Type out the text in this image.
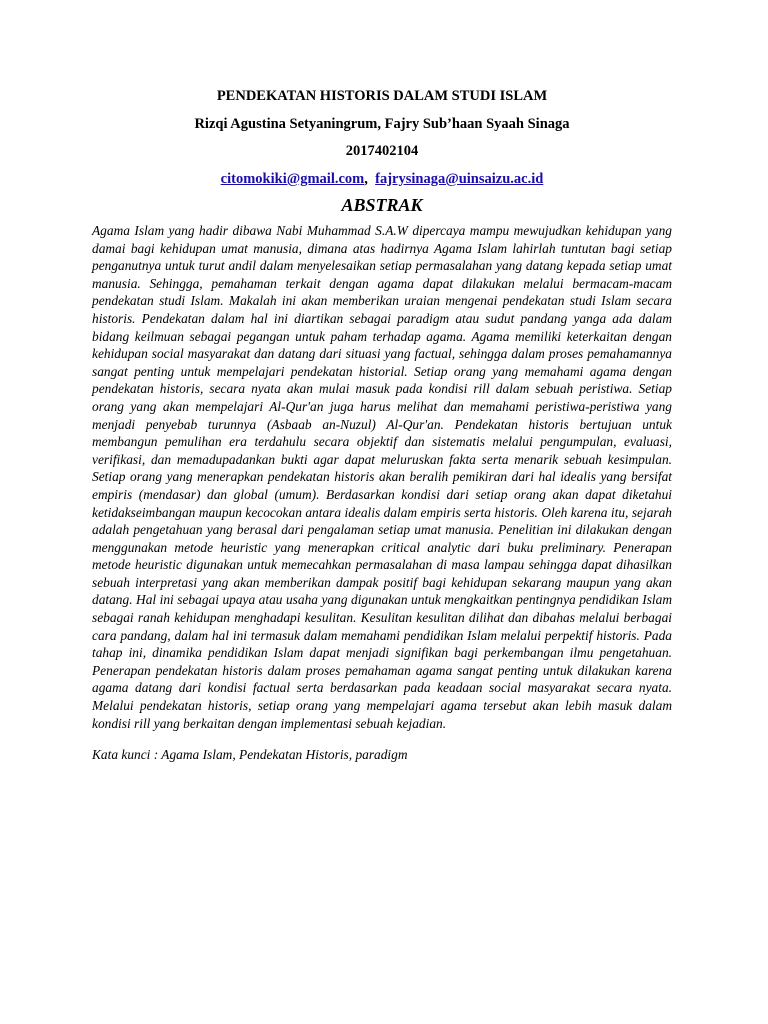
PENDEKATAN HISTORIS DALAM STUDI ISLAM

Rizqi Agustina Setyaningrum, Fajry Sub’haan Syaah Sinaga

2017402104

citomokiki@gmail.com, fajrysinaga@uinsaizu.ac.id

ABSTRAK

Agama Islam yang hadir dibawa Nabi Muhammad S.A.W dipercaya mampu mewujudkan kehidupan yang damai bagi kehidupan umat manusia, dimana atas hadirnya Agama Islam lahirlah tuntutan bagi setiap penganutnya untuk turut andil dalam menyelesaikan setiap permasalahan yang datang kepada setiap umat manusia. Sehingga, pemahaman terkait dengan agama dapat dilakukan melalui bermacam-macam pendekatan studi Islam. Makalah ini akan memberikan uraian mengenai pendekatan studi Islam secara historis. Pendekatan dalam hal ini diartikan sebagai paradigm atau sudut pandang yanga ada dalam bidang keilmuan sebagai pegangan untuk paham terhadap agama. Agama memiliki keterkaitan dengan kehidupan social masyarakat dan datang dari situasi yang factual, sehingga dalam proses pemahamannya sangat penting untuk mempelajari pendekatan historial. Setiap orang yang memahami agama dengan pendekatan historis, secara nyata akan mulai masuk pada kondisi rill dalam sebuah peristiwa. Setiap orang yang akan mempelajari Al-Qur'an juga harus melihat dan memahami peristiwa-peristiwa yang menjadi penyebab turunnya (Asbaab an-Nuzul) Al-Qur'an. Pendekatan historis bertujuan untuk membangun pemulihan era terdahulu secara objektif dan sistematis melalui pengumpulan, evaluasi, verifikasi, dan memadupadankan bukti agar dapat meluruskan fakta serta menarik sebuah kesimpulan. Setiap orang yang menerapkan pendekatan historis akan beralih pemikiran dari hal idealis yang bersifat empiris (mendasar) dan global (umum). Berdasarkan kondisi dari setiap orang akan dapat diketahui ketidakseimbangan maupun kecocokan antara idealis dalam empiris serta historis. Oleh karena itu, sejarah adalah pengetahuan yang berasal dari pengalaman setiap umat manusia. Penelitian ini dilakukan dengan menggunakan metode heuristic yang menerapkan critical analytic dari buku preliminary. Penerapan metode heuristic digunakan untuk memecahkan permasalahan di masa lampau sehingga dapat dihasilkan sebuah interpretasi yang akan memberikan dampak positif bagi kehidupan sekarang maupun yang akan datang. Hal ini sebagai upaya atau usaha yang digunakan untuk mengkaitkan pentingnya pendidikan Islam sebagai ranah kehidupan menghadapi kesulitan. Kesulitan kesulitan dilihat dan dibahas melalui berbagai cara pandang, dalam hal ini termasuk dalam memahami pendidikan Islam melalui perpektif historis. Pada tahap ini, dinamika pendidikan Islam dapat menjadi signifikan bagi perkembangan ilmu pengetahuan. Penerapan pendekatan historis dalam proses pemahaman agama sangat penting untuk dilakukan karena agama datang dari kondisi factual serta berdasarkan pada keadaan social masyarakat secara nyata. Melalui pendekatan historis, setiap orang yang mempelajari agama tersebut akan lebih masuk dalam kondisi rill yang berkaitan dengan implementasi sebuah kejadian.

Kata kunci : Agama Islam, Pendekatan Historis, paradigm
